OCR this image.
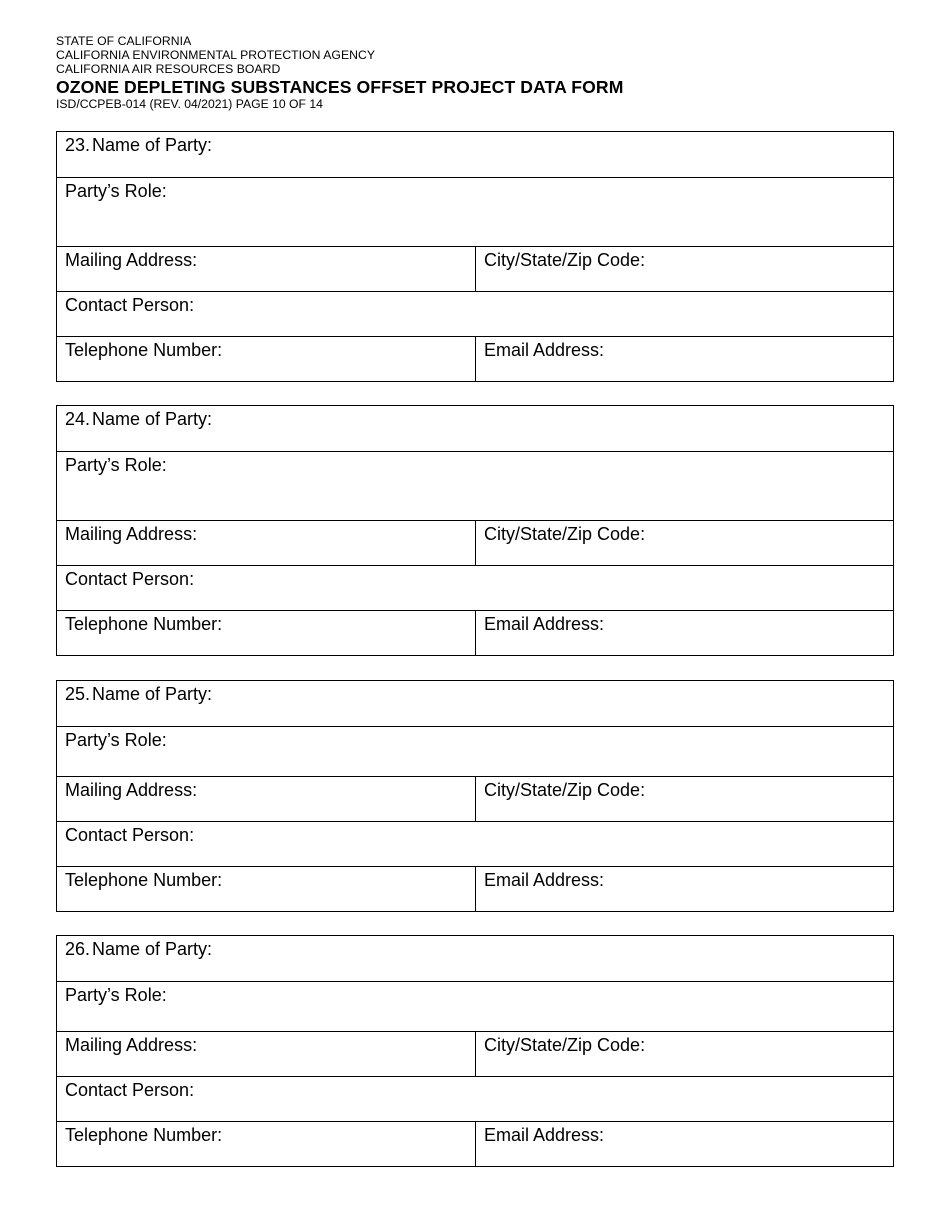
STATE OF CALIFORNIA
CALIFORNIA ENVIRONMENTAL PROTECTION AGENCY
CALIFORNIA AIR RESOURCES BOARD
OZONE DEPLETING SUBSTANCES OFFSET PROJECT DATA FORM
ISD/CCPEB-014 (REV. 04/2021) PAGE 10 OF 14
23. Name of Party:
Party’s Role:
Mailing Address:	City/State/Zip Code:
Contact Person:
Telephone Number:	Email Address:
24. Name of Party:
Party’s Role:
Mailing Address:	City/State/Zip Code:
Contact Person:
Telephone Number:	Email Address:
25. Name of Party:
Party’s Role:
Mailing Address:	City/State/Zip Code:
Contact Person:
Telephone Number:	Email Address:
26. Name of Party:
Party’s Role:
Mailing Address:	City/State/Zip Code:
Contact Person:
Telephone Number:	Email Address:
